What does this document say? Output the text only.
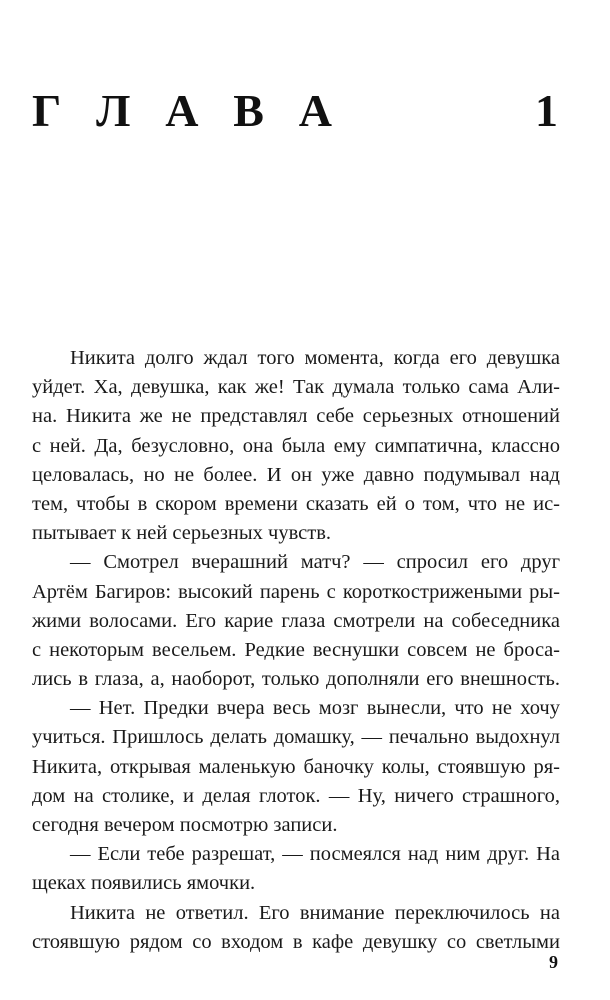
Г Л А В А	1
Никита долго ждал того момента, когда его девушка
уйдет. Ха, девушка, как же! Так думала только сама Али-
на. Никита же не представлял себе серьезных отношений
с ней. Да, безусловно, она была ему симпатична, классно
целовалась, но не более. И он уже давно подумывал над
тем, чтобы в скором времени сказать ей о том, что не ис-
пытывает к ней серьезных чувств.
— Смотрел вчерашний матч? — спросил его друг
Артём Багиров: высокий парень с короткострижеными ры-
жими волосами. Его карие глаза смотрели на собеседника
с некоторым весельем. Редкие веснушки совсем не бросa-
лись в глаза, а, наоборот, только дополняли его внешность.
— Нет. Предки вчера весь мозг вынесли, что не хочу
учиться. Пришлось делать домашку, — печально выдохнул
Никита, открывая маленькую баночку колы, стоявшую ря-
дом на столике, и делая глоток. — Ну, ничего страшного,
сегодня вечером посмотрю записи.
— Если тебе разрешат, — посмеялся над ним друг. На
щеках появились ямочки.
Никита не ответил. Его внимание переключилось на
стоявшую рядом со входом в кафе девушку со светлыми
9
